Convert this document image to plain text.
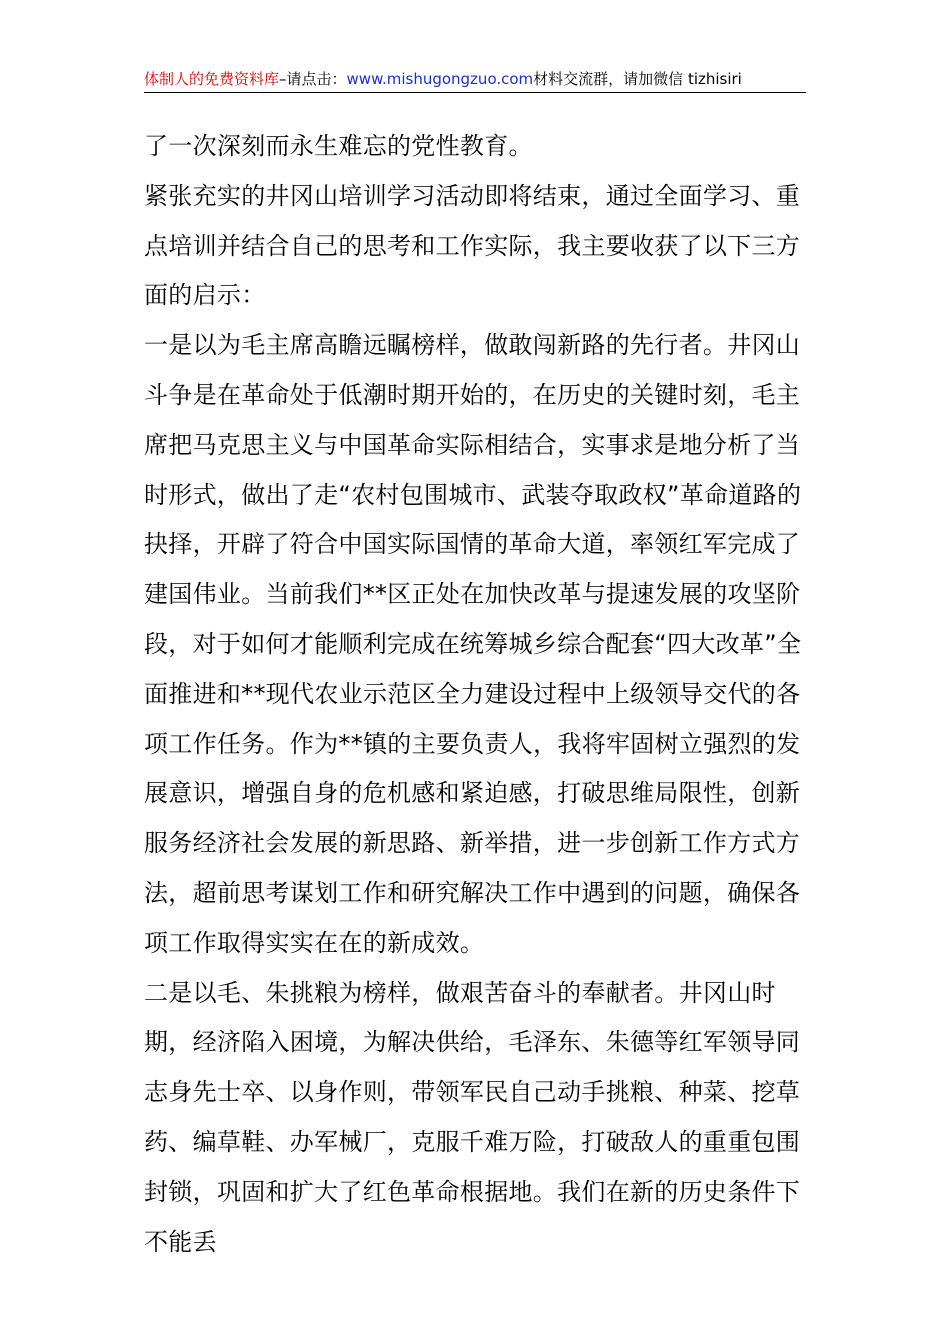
体制人的免费资料库–请点击：www.mishugongzuo.com材料交流群，请加微信 tizhisiri

了一次深刻而永生难忘的党性教育。

紧张充实的井冈山培训学习活动即将结束，通过全面学习、重点培训并结合自己的思考和工作实际，我主要收获了以下三方面的启示：

一是以为毛主席高瞻远瞩榜样，做敢闯新路的先行者。井冈山斗争是在革命处于低潮时期开始的，在历史的关键时刻，毛主席把马克思主义与中国革命实际相结合，实事求是地分析了当时形式，做出了走“农村包围城市、武装夺取政权”革命道路的抉择，开辟了符合中国实际国情的革命大道，率领红军完成了建国伟业。当前我们**区正处在加快改革与提速发展的攻坚阶段，对于如何才能顺利完成在统筹城乡综合配套“四大改革”全面推进和**现代农业示范区全力建设过程中上级领导交代的各项工作任务。作为**镇的主要负责人，我将牢固树立强烈的发展意识，增强自身的危机感和紧迫感，打破思维局限性，创新服务经济社会发展的新思路、新举措，进一步创新工作方式方法，超前思考谋划工作和研究解决工作中遇到的问题，确保各项工作取得实实在在的新成效。

二是以毛、朱挑粮为榜样，做艰苦奋斗的奉献者。井冈山时期，经济陷入困境，为解决供给，毛泽东、朱德等红军领导同志身先士卒、以身作则，带领军民自己动手挑粮、种菜、挖草药、编草鞋、办军械厂，克服千难万险，打破敌人的重重包围封锁，巩固和扩大了红色革命根据地。我们在新的历史条件下不能丢
